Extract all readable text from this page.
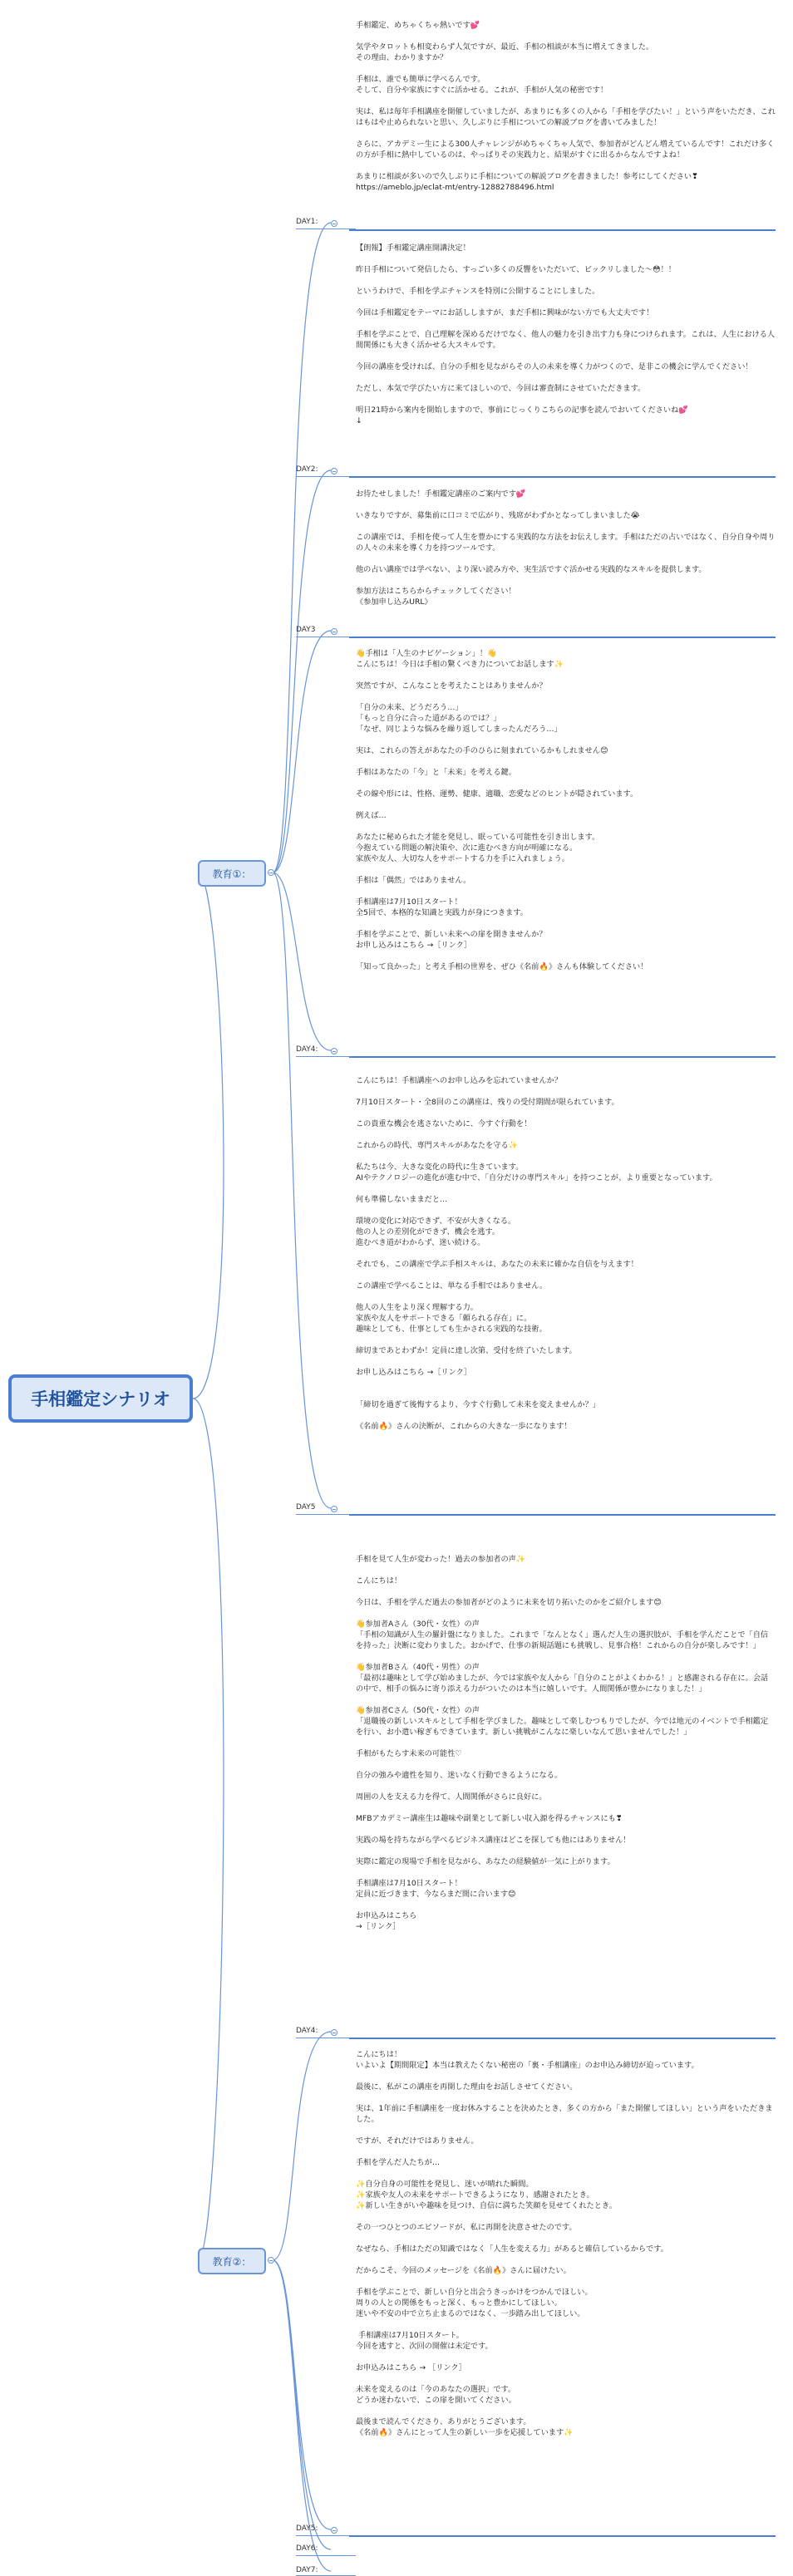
手相鑑定シナリオ
教育①：
教育②：
DAY1:
DAY2:
DAY3
DAY4:
DAY5
DAY4:
DAY5:
DAY6:
DAY7:

手相鑑定、めちゃくちゃ熱いです💕

気学やタロットも相変わらず人気ですが、最近、手相の相談が本当に増えてきました。

その理由、わかりますか？

手相は、誰でも簡単に学べるんです。

そして、自分や家族にすぐに活かせる。これが、手相が人気の秘密です！

実は、私は毎年手相講座を開催していましたが、あまりにも多くの人から「手相を学びたい！」という声をいただき、これはもはや止められないと思い、久しぶりに手相についての解説ブログを書いてみました！

さらに、アカデミー生による300人チャレンジがめちゃくちゃ人気で、参加者がどんどん増えているんです！これだけ多くの方が手相に熱中しているのは、やっぱりその実践力と、結果がすぐに出るからなんですよね！

あまりに相談が多いので久しぶりに手相についての解説ブログを書きました！参考にしてください❣

https://ameblo.jp/eclat-mt/entry-12882788496.html

【朗報】手相鑑定講座開講決定！

昨日手相について発信したら、すっごい多くの反響をいただいて、ビックリしました〜😳！！

というわけで、手相を学ぶチャンスを特別に公開することにしました。

今回は手相鑑定をテーマにお話ししますが、まだ手相に興味がない方でも大丈夫です！

手相を学ぶことで、自己理解を深めるだけでなく、他人の魅力を引き出す力も身につけられます。これは、人生における人間関係にも大きく活かせる大スキルです。

今回の講座を受ければ、自分の手相を見ながらその人の未来を導く力がつくので、是非この機会に学んでください！

ただし、本気で学びたい方に来てほしいので、今回は審査制にさせていただきます。

明日21時から案内を開始しますので、事前にじっくりこちらの記事を読んでおいてくださいね💕

↓

お待たせしました！手相鑑定講座のご案内です💕

いきなりですが、募集前に口コミで広がり、残席がわずかとなってしまいました😭

この講座では、手相を使って人生を豊かにする実践的な方法をお伝えします。手相はただの占いではなく、自分自身や周りの人々の未来を導く力を持つツールです。

他の占い講座では学べない、より深い読み方や、実生活ですぐ活かせる実践的なスキルを提供します。

参加方法はこちらからチェックしてください！

《参加申し込みURL》

👋手相は「人生のナビゲーション」！👋

こんにちは！今日は手相の驚くべき力についてお話します✨

突然ですが、こんなことを考えたことはありませんか？

「自分の未来、どうだろう…」

「もっと自分に合った道があるのでは？」

「なぜ、同じような悩みを繰り返してしまったんだろう…」

実は、これらの答えがあなたの手のひらに刻まれているかもしれません😊

手相はあなたの「今」と「未来」を考える鍵。

その線や形には、性格、運勢、健康、適職、恋愛などのヒントが隠されています。

例えば…

あなたに秘められた才能を発見し、眠っている可能性を引き出します。

今抱えている問題の解決策や、次に進むべき方向が明確になる。

家族や友人、大切な人をサポートする力を手に入れましょう。

手相は「偶然」ではありません。

手相講座は7月10日スタート！

全5回で、本格的な知識と実践力が身につきます。

手相を学ぶことで、新しい未来への扉を開きませんか？

お申し込みはこちら →［リンク］

「知って良かった」と考え手相の世界を、ぜひ《名前🔥》さんも体験してください！

こんにちは！手相講座へのお申し込みを忘れていませんか？

7月10日スタート・全8回のこの講座は、残りの受付期間が限られています。

この貴重な機会を逃さないために、今すぐ行動を！

これからの時代、専門スキルがあなたを守る✨

私たちは今、大きな変化の時代に生きています。

AIやテクノロジーの進化が進む中で、「自分だけの専門スキル」を持つことが、より重要となっています。

何も準備しないままだと…

環境の変化に対応できず、不安が大きくなる。

他の人との差別化ができず、機会を逃す。

進むべき道がわからず、迷い続ける。

それでも、この講座で学ぶ手相スキルは、あなたの未来に確かな自信を与えます！

この講座で学べることは、単なる手相ではありません。

他人の人生をより深く理解する力。

家族や友人をサポートできる「頼られる存在」に。

趣味としても、仕事としても生かされる実践的な技術。

締切まであとわずか！定員に達し次第、受付を終了いたします。

お申し込みはこちら →［リンク］

「締切を過ぎて後悔するより、今すぐ行動して未来を変えませんか？」

《名前🔥》さんの決断が、これからの大きな一歩になります！

手相を見て人生が変わった！過去の参加者の声✨

こんにちは！

今日は、手相を学んだ過去の参加者がどのように未来を切り拓いたのかをご紹介します😊

👋参加者Aさん（30代・女性）の声

「手相の知識が人生の羅針盤になりました。これまで「なんとなく」選んだ人生の選択肢が、手相を学んだことで「自信を持った」決断に変わりました。おかげで、仕事の新規話題にも挑戦し、見事合格！これからの自分が楽しみです！」

👋参加者Bさん（40代・男性）の声

「最初は趣味として学び始めましたが、今では家族や友人から「自分のことがよくわかる！」と感謝される存在に。会話の中で、相手の悩みに寄り添える力がついたのは本当に嬉しいです。人間関係が豊かになりました！」

👋参加者Cさん（50代・女性）の声

「退職後の新しいスキルとして手相を学びました。趣味として楽しむつもりでしたが、今では地元のイベントで手相鑑定を行い、お小遣い稼ぎもできています。新しい挑戦がこんなに楽しいなんて思いませんでした！」

手相がもたらす未来の可能性♡

自分の強みや適性を知り、迷いなく行動できるようになる。

周囲の人を支える力を得て、人間関係がさらに良好に。

MFBアカデミー講座生は趣味や副業として新しい収入源を得るチャンスにも❣

実践の場を持ちながら学べるビジネス講座はどこを探しても他にはありません！

実際に鑑定の現場で手相を見ながら、あなたの経験値が一気に上がります。

手相講座は7月10日スタート！

定員に近づきます、今ならまだ間に合います😊

お申込みはこちら

→［リンク］

こんにちは！

いよいよ【期間限定】本当は教えたくない秘密の「裏・手相講座」のお申込み締切が迫っています。

最後に、私がこの講座を再開した理由をお話しさせてください。

実は、1年前に手相講座を一度お休みすることを決めたとき、多くの方から「また開催してほしい」という声をいただきました。

ですが、それだけではありません。

手相を学んだ人たちが…

✨自分自身の可能性を発見し、迷いが晴れた瞬間。

✨家族や友人の未来をサポートできるようになり、感謝されたとき。

✨新しい生きがいや趣味を見つけ、自信に満ちた笑顔を見せてくれたとき。

その一つひとつのエピソードが、私に再開を決意させたのです。

なぜなら、手相はただの知識ではなく「人生を変える力」があると確信しているからです。

だからこそ、今回のメッセージを《名前🔥》さんに届けたい。

手相を学ぶことで、新しい自分と出会うきっかけをつかんでほしい。

周りの人との関係をもっと深く、もっと豊かにしてほしい。

迷いや不安の中で立ち止まるのではなく、一歩踏み出してほしい。

手相講座は7月10日スタート。

今回を逃すと、次回の開催は未定です。

お申込みはこちら → ［リンク］

未来を変えるのは「今のあなたの選択」です。

どうか迷わないで、この扉を開いてください。

最後まで読んでくださり、ありがとうございます。

《名前🔥》さんにとって人生の新しい一歩を応援しています✨
